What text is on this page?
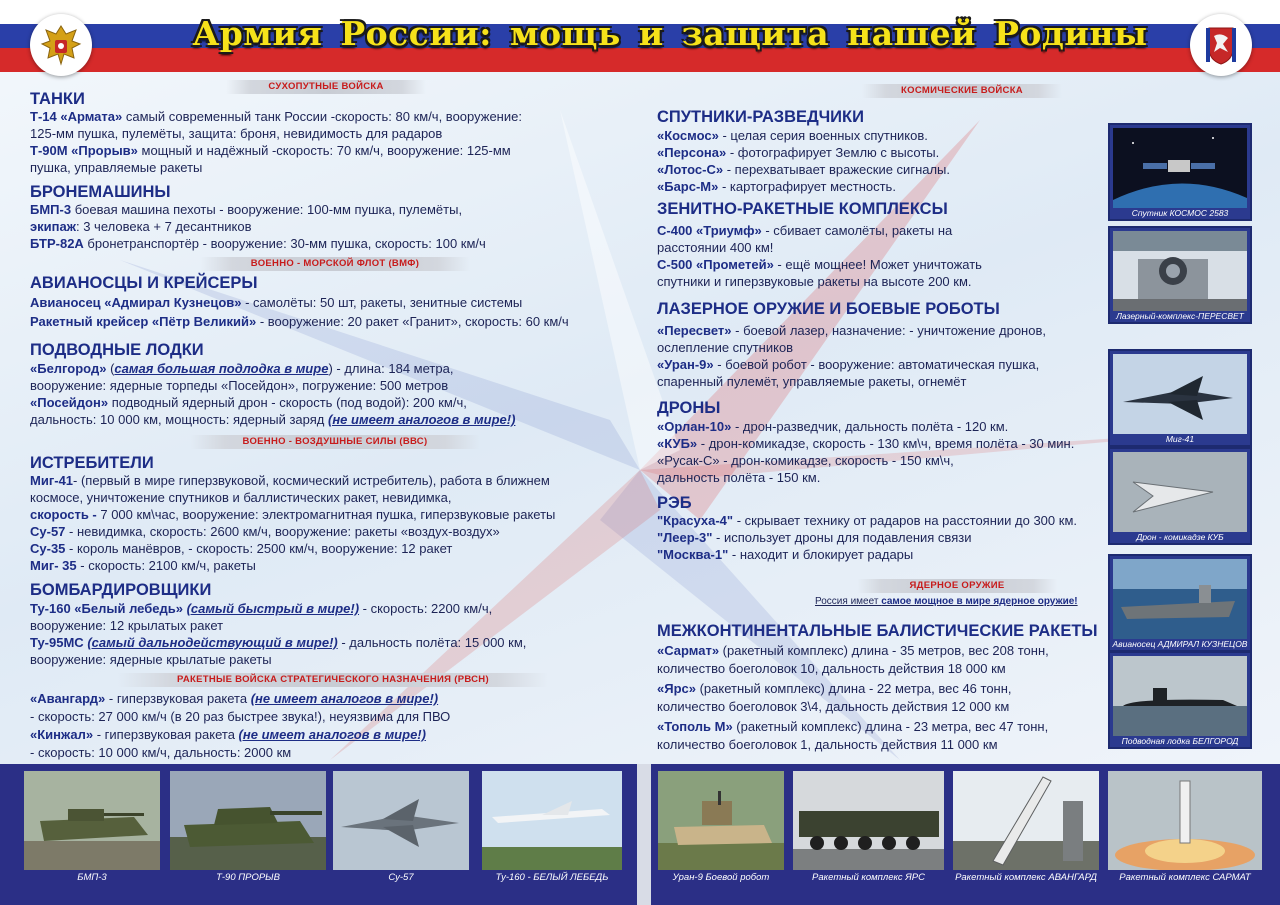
Армия России: мощь и защита нашей Родины
СУХОПУТНЫЕ ВОЙСКА
ТАНКИ
Т-14 «Армата» самый современный танк России -скорость: 80 км/ч, вооружение:
125-мм пушка, пулемёты, защита: броня, невидимость для радаров
Т-90М «Прорыв» мощный и надёжный -скорость: 70 км/ч, вооружение: 125-мм
пушка, управляемые ракеты
БРОНЕМАШИНЫ
БМП-3 боевая машина пехоты - вооружение: 100-мм пушка, пулемёты,
экипаж: 3 человека + 7 десантников
БТР-82А бронетранспортёр - вооружение: 30-мм пушка, скорость: 100 км/ч
ВОЕННО - МОРСКОЙ ФЛОТ (ВМФ)
АВИАНОСЦЫ И КРЕЙСЕРЫ
Авианосец «Адмирал Кузнецов» - самолёты: 50 шт, ракеты, зенитные системы
Ракетный крейсер «Пётр Великий» - вооружение: 20 ракет «Гранит», скорость: 60 км/ч
ПОДВОДНЫЕ ЛОДКИ
«Белгород» (самая большая подлодка в мире) - длина: 184 метра,
вооружение: ядерные торпеды «Посейдон», погружение: 500 метров
«Посейдон» подводный ядерный дрон - скорость (под водой): 200 км/ч,
дальность: 10 000 км, мощность: ядерный заряд (не имеет аналогов в мире!)
ВОЕННО - ВОЗДУШНЫЕ СИЛЫ (ВВС)
ИСТРЕБИТЕЛИ
Миг-41- (первый в мире гиперзвуковой, космический истребитель), работа в ближнем
космосе, уничтожение спутников и баллистических ракет, невидимка,
скорость - 7 000 км\час, вооружение: электромагнитная пушка, гиперзвуковые ракеты
Су-57 - невидимка, скорость: 2600 км/ч, вооружение: ракеты «воздух-воздух»
Су-35 - король манёвров, - скорость: 2500 км/ч, вооружение: 12 ракет
Миг- 35 - скорость: 2100 км/ч, ракеты
БОМБАРДИРОВЩИКИ
Ту-160 «Белый лебедь» (самый быстрый в мире!) - скорость: 2200 км/ч,
вооружение: 12 крылатых ракет
Ту-95МС (самый дальнодействующий в мире!) - дальность полёта: 15 000 км,
вооружение: ядерные крылатые ракеты
РАКЕТНЫЕ ВОЙСКА СТРАТЕГИЧЕСКОГО НАЗНАЧЕНИЯ (РВСН)
«Авангард» - гиперзвуковая ракета (не имеет аналогов в мире!)
- скорость: 27 000 км/ч (в 20 раз быстрее звука!), неуязвима для ПВО
«Кинжал» - гиперзвуковая ракета (не имеет аналогов в мире!)
- скорость: 10 000 км/ч, дальность: 2000 км
КОСМИЧЕСКИЕ ВОЙСКА
СПУТНИКИ-РАЗВЕДЧИКИ
«Космос» - целая серия военных спутников.
«Персона» - фотографирует Землю с высоты.
«Лотос-С» - перехватывает вражеские сигналы.
«Барс-М» - картографирует местность.
ЗЕНИТНО-РАКЕТНЫЕ КОМПЛЕКСЫ
С-400 «Триумф» - сбивает самолёты, ракеты на
расстоянии 400 км!
С-500 «Прометей» - ещё мощнее! Может уничтожать
спутники и гиперзвуковые ракеты на высоте 200 км.
ЛАЗЕРНОЕ ОРУЖИЕ И БОЕВЫЕ РОБОТЫ
«Пересвет» - боевой лазер, назначение: - уничтожение дронов,
ослепление спутников
«Уран-9» - боевой робот - вооружение: автоматическая пушка,
спаренный пулемёт, управляемые ракеты, огнемёт
ДРОНЫ
«Орлан-10» - дрон-разведчик, дальность полёта - 120 км.
«КУБ» - дрон-комикадзе, скорость - 130 км\ч, время полёта - 30 мин.
«Русак-С» - дрон-комикадзе, скорость - 150 км\ч,
дальность полёта - 150 км.
РЭБ
"Красуха-4" - скрывает технику от радаров на расстоянии до 300 км.
"Леер-3" - использует дроны для подавления связи
"Москва-1" - находит и блокирует радары
ЯДЕРНОЕ ОРУЖИЕ
Россия имеет самое мощное в мире ядерное оружие!
МЕЖКОНТИНЕНТАЛЬНЫЕ БАЛИСТИЧЕСКИЕ РАКЕТЫ
«Сармат» (ракетный комплекс) длина - 35 метров, вес 208 тонн,
количество боеголовок 10, дальность действия 18 000 км
«Ярс» (ракетный комплекс) длина - 22 метра, вес 46 тонн,
количество боеголовок 3\4, дальность действия 12 000 км
«Тополь М» (ракетный комплекс) длина - 23 метра, вес 47 тонн,
количество боеголовок 1, дальность действия 11 000 км
Спутник КОСМОС 2583
Лазерный-комплекс-ПЕРЕСВЕТ
Миг-41
Дрон - комикадзе КУБ
Авианосец АДМИРАЛ КУЗНЕЦОВ
Подводная лодка БЕЛГОРОД
БМП-3	Т-90 ПРОРЫВ	Су-57	Ту-160 - БЕЛЫЙ ЛЕБЕДЬ	Уран-9 Боевой робот	Ракетный комплекс ЯРС	Ракетный комплекс АВАНГАРД	Ракетный комплекс САРМАТ
